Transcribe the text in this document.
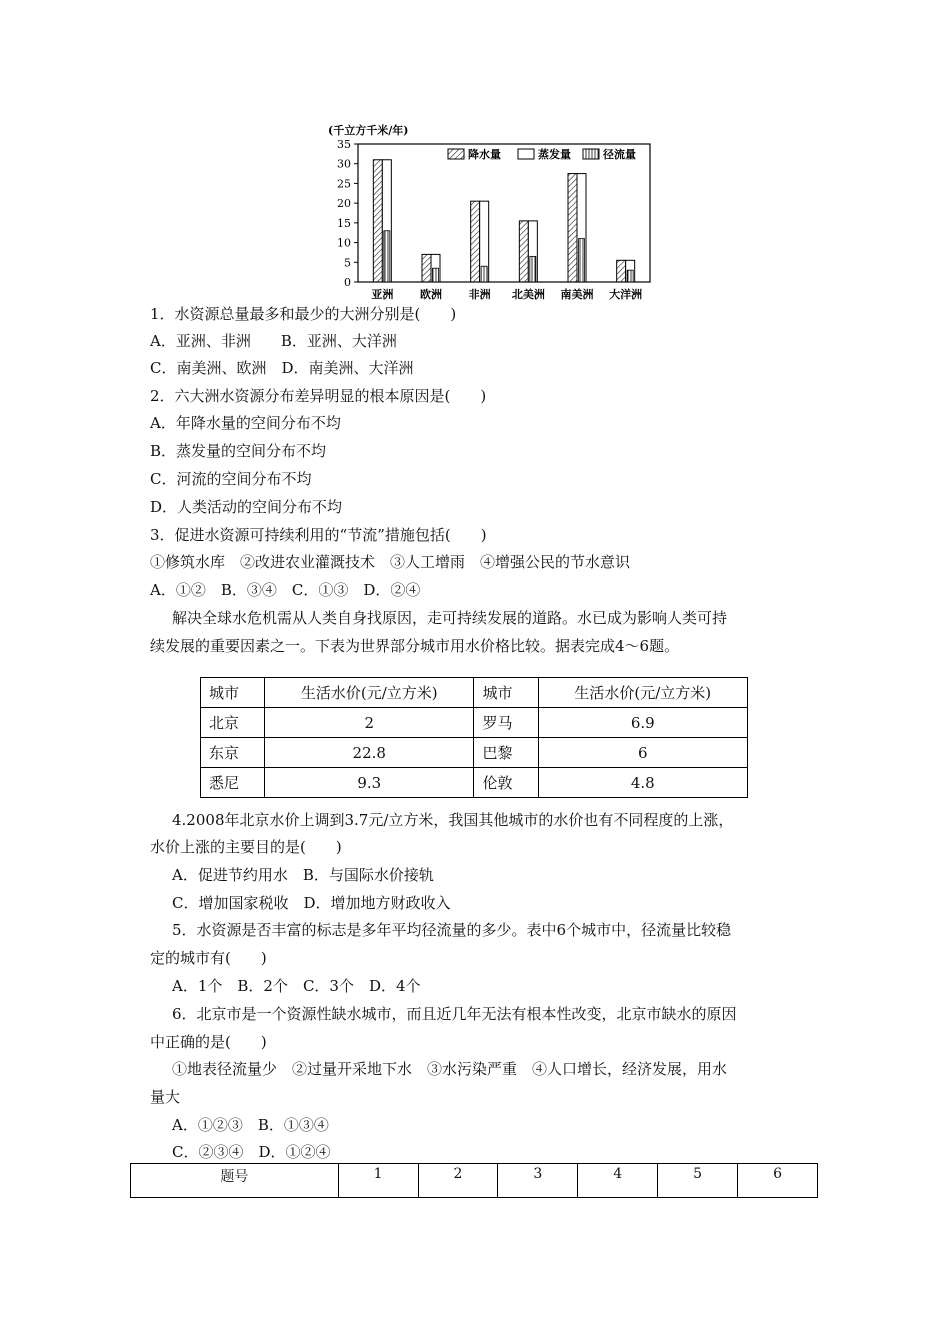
(千立方千米/年)
0
5
10
15
20
25
30
35
亚洲 欧洲 非洲 北美洲 南美洲 大洋洲
降水量	蒸发量	径流量
1．水资源总量最多和最少的大洲分别是(　　)
A．亚洲、非洲　　B．亚洲、大洋洲
C．南美洲、欧洲　D．南美洲、大洋洲
2．六大洲水资源分布差异明显的根本原因是(　　)
A．年降水量的空间分布不均
B．蒸发量的空间分布不均
C．河流的空间分布不均
D．人类活动的空间分布不均
3．促进水资源可持续利用的“节流”措施包括(　　)
①修筑水库　②改进农业灌溉技术　③人工增雨　④增强公民的节水意识
A．①②　B．③④　C．①③　D．②④
解决全球水危机需从人类自身找原因，走可持续发展的道路。水已成为影响人类可持
续发展的重要因素之一。下表为世界部分城市用水价格比较。据表完成4～6题。
城市	生活水价(元/立方米)	城市	生活水价(元/立方米)
北京	2	罗马	6.9
东京	22.8	巴黎	6
悉尼	9.3	伦敦	4.8
4.2008年北京水价上调到3.7元/立方米，我国其他城市的水价也有不同程度的上涨，
水价上涨的主要目的是(　　)
A．促进节约用水　B．与国际水价接轨
C．增加国家税收　D．增加地方财政收入
5．水资源是否丰富的标志是多年平均径流量的多少。表中6个城市中，径流量比较稳
定的城市有(　　)
A．1个　B．2个　C．3个　D．4个
6．北京市是一个资源性缺水城市，而且近几年无法有根本性改变，北京市缺水的原因
中正确的是(　　)
①地表径流量少　②过量开采地下水　③水污染严重　④人口增长，经济发展，用水
量大
A．①②③　B．①③④
C．②③④　D．①②④
题号	1	2	3	4	5	6
